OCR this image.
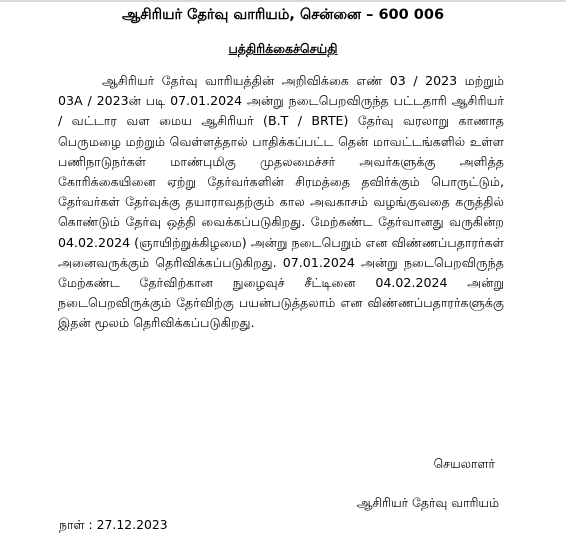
ஆசிரியர் தேர்வு வாரியம், சென்னை – 600 006
பத்திரிக்கைச்செய்தி

ஆசிரியர் தேர்வு வாரியத்தின் அறிவிக்கை எண் 03 / 2023 மற்றும் 03A / 2023ன் படி 07.01.2024 அன்று நடைபெறவிருந்த பட்டதாரி ஆசிரியர் / வட்டார வள மைய ஆசிரியர் (B.T / BRTE) தேர்வு வரலாறு காணாத பெருமழை மற்றும் வெள்ளத்தால் பாதிக்கப்பட்ட தென் மாவட்டங்களில் உள்ள பணிநாடுநர்கள் மாண்புமிகு முதலமைச்சர் அவர்களுக்கு அளித்த கோரிக்கையினை ஏற்று தேர்வர்களின் சிரமத்தை தவிர்க்கும் பொருட்டும், தேர்வர்கள் தேர்வுக்கு தயாராவதற்கும் கால அவகாசம் வழங்குவதை கருத்தில் கொண்டும் தேர்வு ஒத்தி வைக்கப்படுகிறது. மேற்கண்ட தேர்வானது வருகின்ற 04.02.2024 (ஞாயிற்றுக்கிழமை) அன்று நடைபெறும் என விண்ணப்பதாரர்கள் அனைவருக்கும் தெரிவிக்கப்படுகிறது. 07.01.2024 அன்று நடைபெறவிருந்த மேற்கண்ட தேர்விற்கான நுழைவுச் சீட்டினை 04.02.2024 அன்று நடைபெறவிருக்கும் தேர்விற்கு பயன்படுத்தலாம் என விண்ணப்பதாரர்களுக்கு இதன் மூலம் தெரிவிக்கப்படுகிறது.

செயலாளர்
ஆசிரியர் தேர்வு வாரியம்
நாள் : 27.12.2023
